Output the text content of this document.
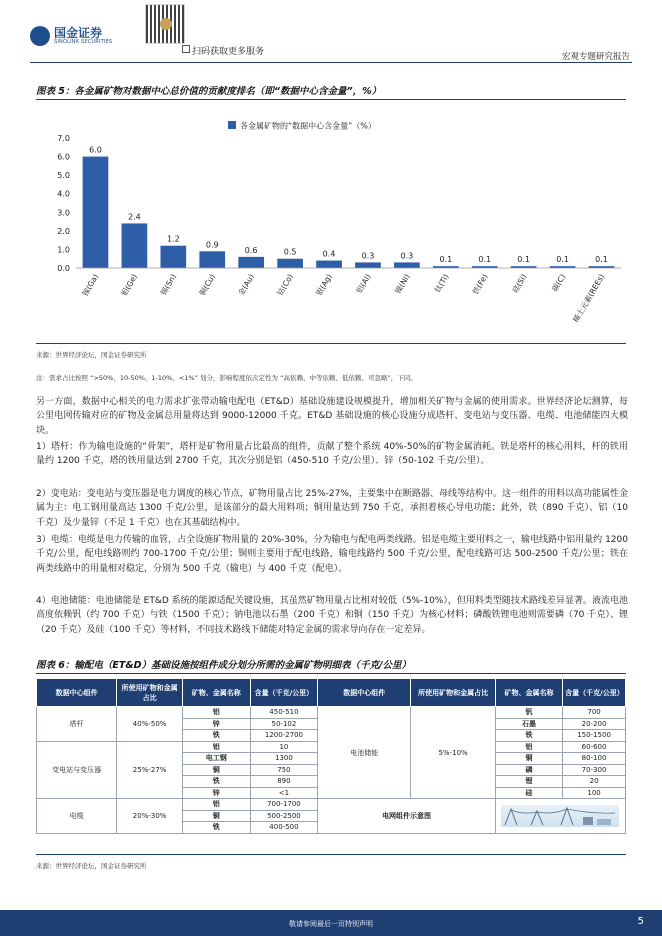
国金证券
SINOLINK SECURITIES
扫码获取更多服务	宏观专题研究报告
图表 5：各金属矿物对数据中心总价值的贡献度排名（即“数据中心含金量”，%）
各金属矿物的“数据中心含金量”（%）
0.0
1.0
2.0
3.0
4.0
5.0
6.0
7.0
6.0
2.4
1.2
0.9
0.6	0.5	0.4	0.3	0.3	0.1	0.1	0.1	0.1	0.1
镓(Ga)	钼(Ge)	锡(Sn)	铜(Cu)	金(Au)	钴(Co)	银(Ag)	铝(Al)	镍(Ni)	钛(Ti)	铁(Fe)	硅(Si)	碳(C) 稀土元素(REEs)
来源：世界经济论坛，国金证券研究所
注：需求占比按照 “>50%、10-50%、1-10%、<1%” 划分，影响程度依次定性为 “高依赖、中等依赖、低依赖、可忽略”，下同。
另一方面，数据中心相关的电力需求扩张带动输电配电（ET&D）基础设施建设规模提升，增加相关矿物与金属的使用需求。世界经济论坛测算，每公里电网传输对应的矿物及金属总用量将达到 9000-12000 千克。ET&D 基础设施的核心设施分成塔杆、变电站与变压器、电缆、电池储能四大模块。
1）塔杆：作为输电设施的“骨架”，塔杆是矿物用量占比最高的组件，贡献了整个系统 40%-50%的矿物金属消耗。铁是塔杆的核心用料，杆的铁用量约 1200 千克，塔的铁用量达到 2700 千克，其次分别是铝（450-510 千克/公里）、锌（50-102 千克/公里）。
2）变电站：变电站与变压器是电力调度的核心节点，矿物用量占比 25%-27%，主要集中在断路器、母线等结构中。这一组件的用料以高功能属性金属为主：电工钢用量高达 1300 千克/公里，是该部分的最大用料项；铜用量达到 750 千克，承担着核心导电功能；此外，铁（890 千克）、铝（10 千克）及少量锌（不足 1 千克）也在其基础结构中。
3）电缆：电缆是电力传输的血管，占全设施矿物用量的 20%-30%，分为输电与配电两类线路。铝是电缆主要用料之一，输电线路中铝用量约 1200 千克/公里，配电线路则约 700-1700 千克/公里；铜则主要用于配电线路，输电线路约 500 千克/公里，配电线路可达 500-2500 千克/公里；铁在两类线路中的用量相对稳定，分别为 500 千克（输电）与 400 千克（配电）。
4）电池储能：电池储能是 ET&D 系统的能源适配关键设施，其虽然矿物用量占比相对较低（5%-10%），但用料类型随技术路线差异显著。液流电池高度依赖钒（约 700 千克）与铁（1500 千克）；钠电池以石墨（200 千克）和铜（150 千克）为核心材料；磷酸铁锂电池则需要磷（70 千克）、锂（20 千克）及硅（100 千克）等材料，不同技术路线下储能对特定金属的需求导向存在一定差异。
图表 6：输配电（ET&D）基础设施按组件成分划分所需的金属矿物明细表（千克/公里）
数据中心组件	所使用矿物和金属占比	矿物、金属名称	含量（千克/公里）	数据中心组件	所使用矿物和金属占比	矿物、金属名称	含量（千克/公里）
塔杆	40%-50%	铝	450-510	电池储能	5%-10%	钒	700
		锌	50-102			石墨	20-200
		铁	1200-2700			铁	150-1500
变电站与变压器	25%-27%	铝	10			铝	60-600
		电工钢	1300			铜	80-100
		铜	750			磷	70-300
		铁	890			锂	20
		锌	<1			硅	100
电缆	20%-30%	铝	700-1700	电网组件示意图	
		铜	500-2500				
		铁	400-500				
来源：世界经济论坛，国金证券研究所
敬请参阅最后一页特别声明	5
